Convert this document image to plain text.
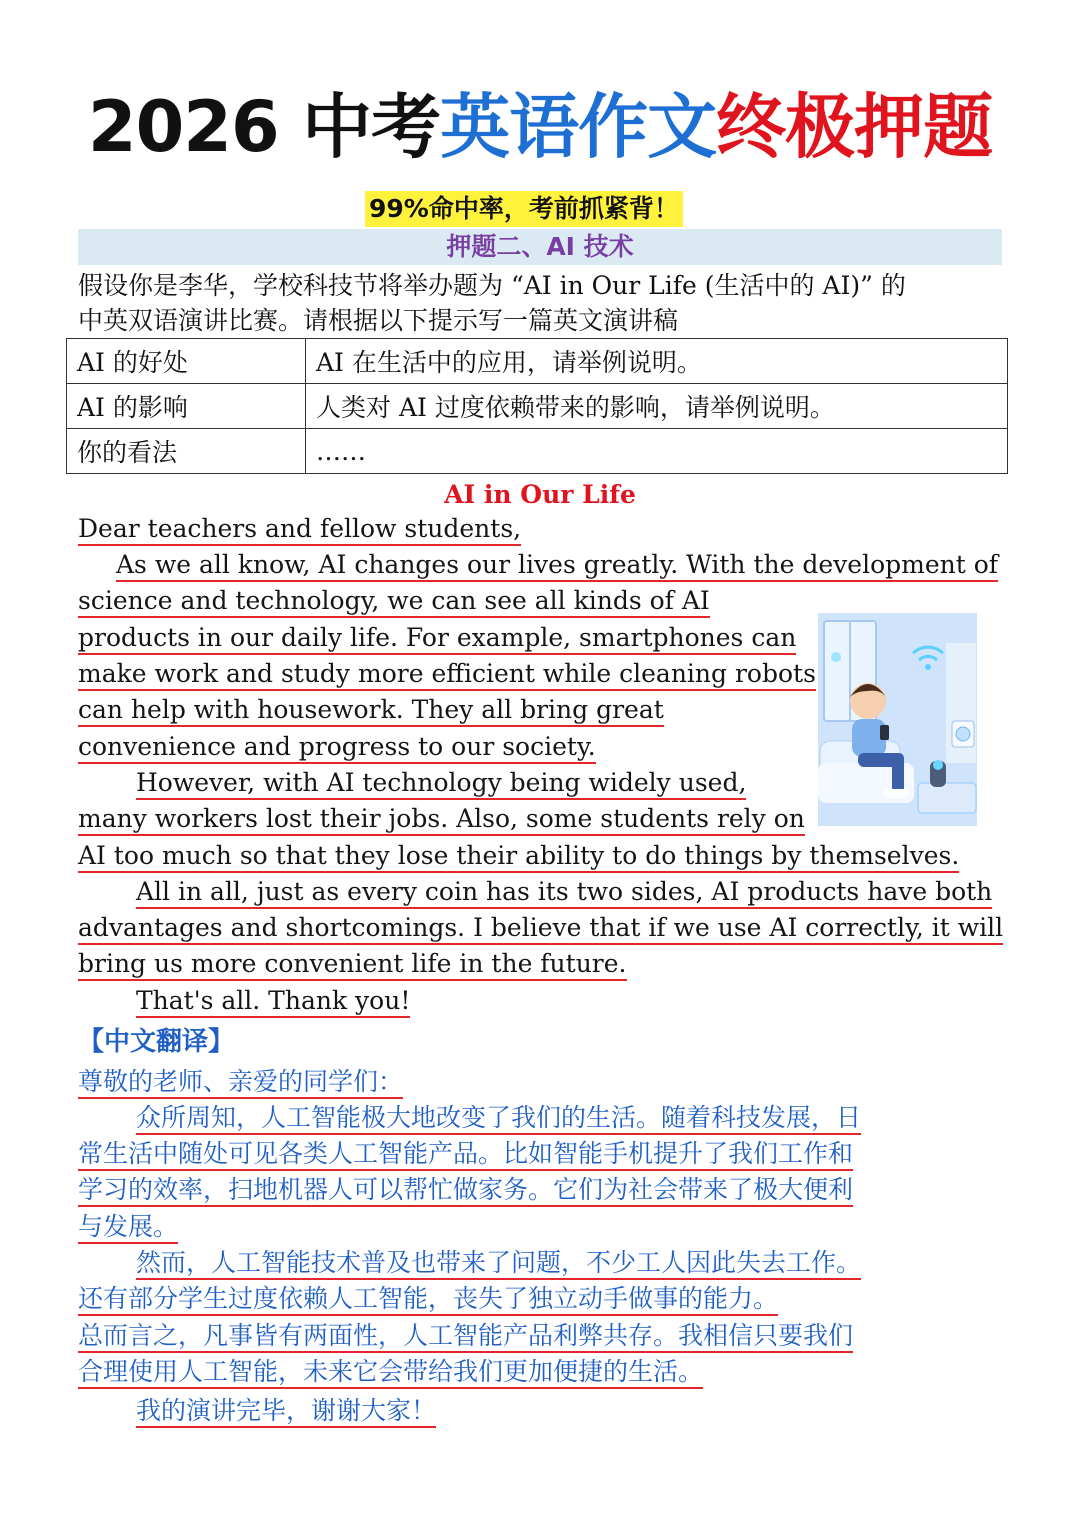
2026 中考英语作文终极押题
99%命中率，考前抓紧背！
押题二、AI 技术
假设你是李华，学校科技节将举办题为 “AI in Our Life (生活中的 AI)” 的
中英双语演讲比赛。请根据以下提示写一篇英文演讲稿
AI 的好处	AI 在生活中的应用，请举例说明。
AI 的影响	人类对 AI 过度依赖带来的影响，请举例说明。
你的看法	……
AI in Our Life
Dear teachers and fellow students,
As we all know, AI changes our lives greatly. With the development of
science and technology, we can see all kinds of AI
products in our daily life. For example, smartphones can
make work and study more efficient while cleaning robots
can help with housework. They all bring great
convenience and progress to our society.
However, with AI technology being widely used,
many workers lost their jobs. Also, some students rely on
AI too much so that they lose their ability to do things by themselves.
All in all, just as every coin has its two sides, AI products have both
advantages and shortcomings. I believe that if we use AI correctly, it will
bring us more convenient life in the future.
That's all. Thank you!
【中文翻译】
尊敬的老师、亲爱的同学们：
众所周知，人工智能极大地改变了我们的生活。随着科技发展，日
常生活中随处可见各类人工智能产品。比如智能手机提升了我们工作和
学习的效率，扫地机器人可以帮忙做家务。它们为社会带来了极大便利
与发展。
然而，人工智能技术普及也带来了问题，不少工人因此失去工作。
还有部分学生过度依赖人工智能，丧失了独立动手做事的能力。
总而言之，凡事皆有两面性，人工智能产品利弊共存。我相信只要我们
合理使用人工智能，未来它会带给我们更加便捷的生活。
我的演讲完毕，谢谢大家！
